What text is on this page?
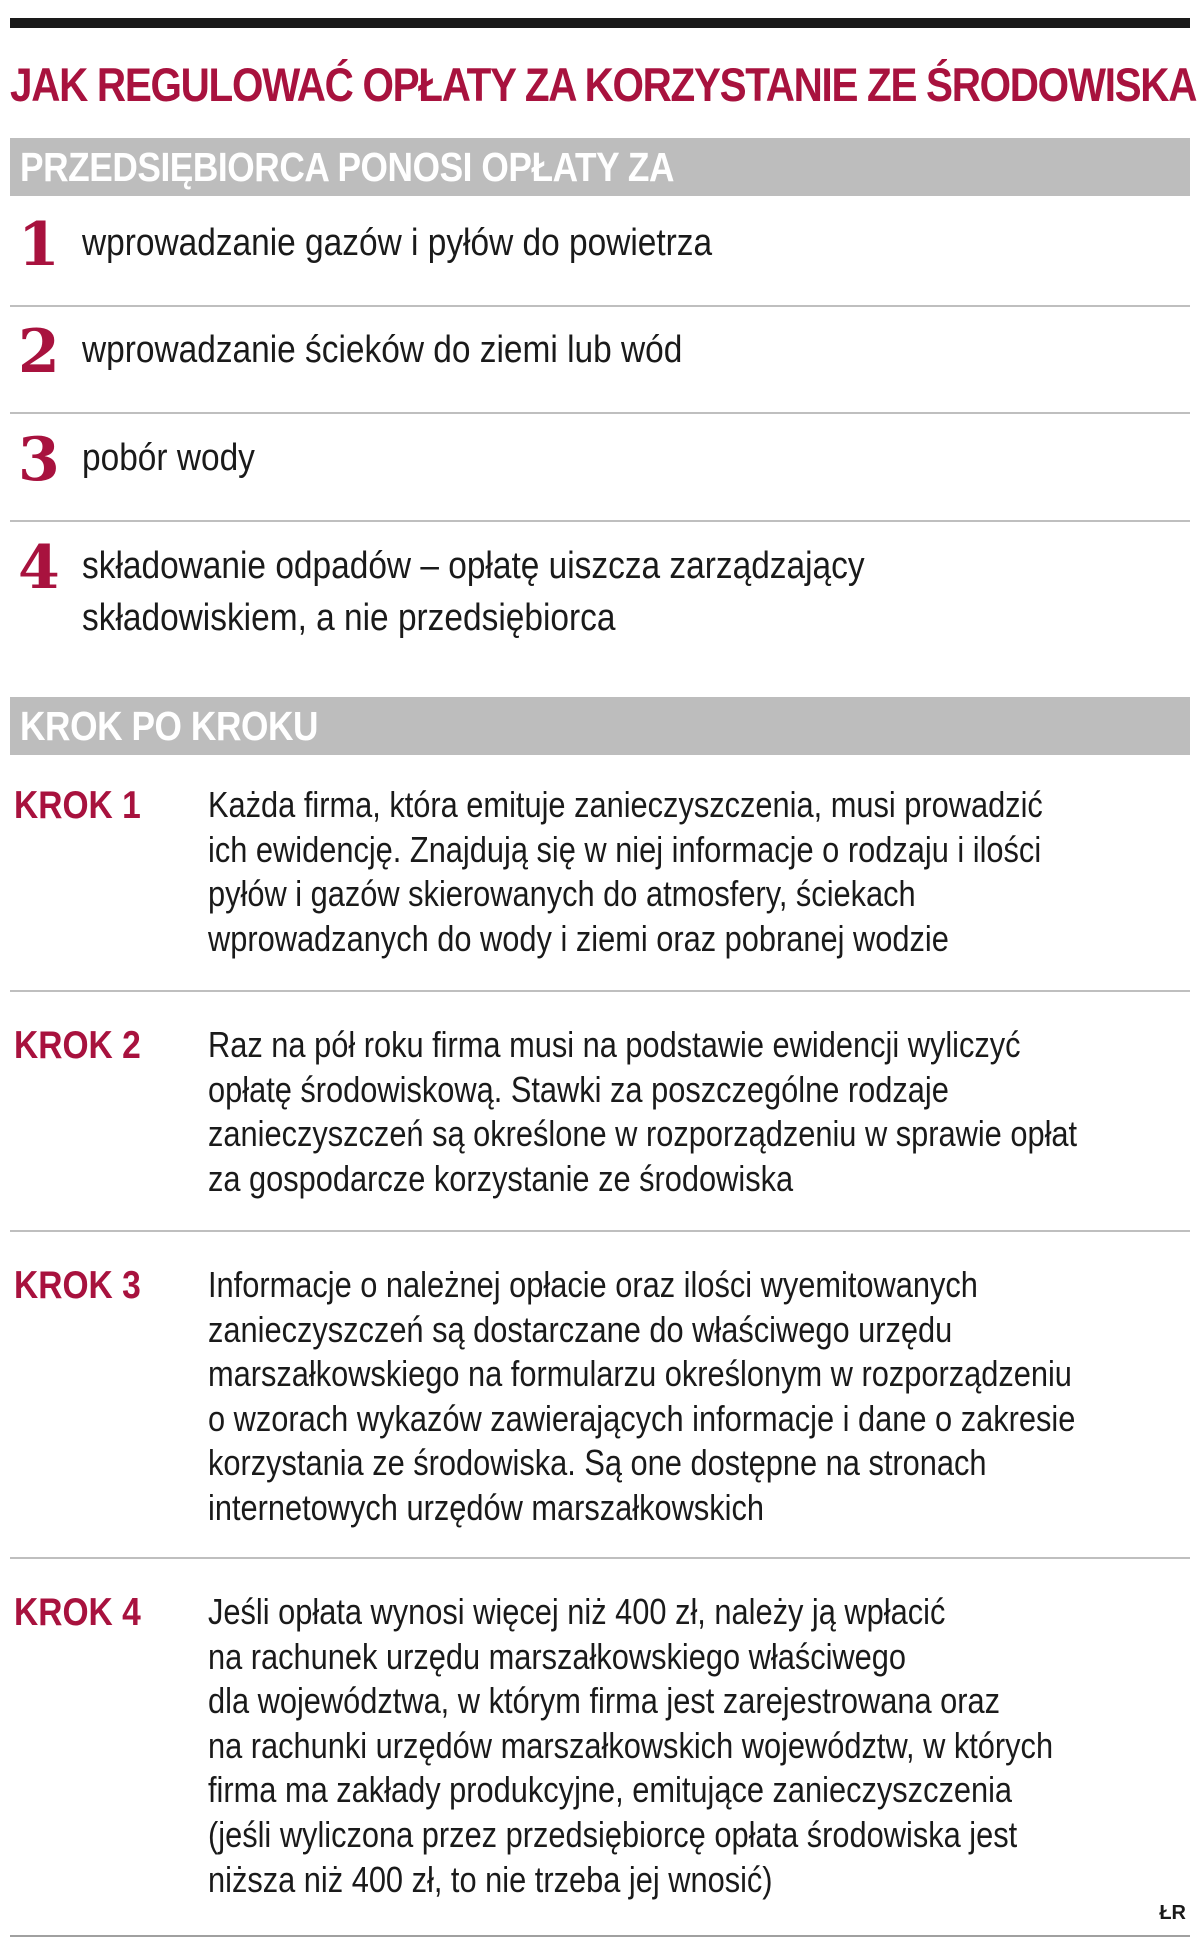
JAK REGULOWAĆ OPŁATY ZA KORZYSTANIE ZE ŚRODOWISKA
PRZEDSIĘBIORCA PONOSI OPŁATY ZA
1 wprowadzanie gazów i pyłów do powietrza
2 wprowadzanie ścieków do ziemi lub wód
3 pobór wody
4 składowanie odpadów – opłatę uiszcza zarządzający
składowiskiem, a nie przedsiębiorca
KROK PO KROKU
KROK 1 Każda firma, która emituje zanieczyszczenia, musi prowadzić
ich ewidencję. Znajdują się w niej informacje o rodzaju i ilości
pyłów i gazów skierowanych do atmosfery, ściekach
wprowadzanych do wody i ziemi oraz pobranej wodzie
KROK 2 Raz na pół roku firma musi na podstawie ewidencji wyliczyć
opłatę środowiskową. Stawki za poszczególne rodzaje
zanieczyszczeń są określone w rozporządzeniu w sprawie opłat
za gospodarcze korzystanie ze środowiska
KROK 3 Informacje o należnej opłacie oraz ilości wyemitowanych
zanieczyszczeń są dostarczane do właściwego urzędu
marszałkowskiego na formularzu określonym w rozporządzeniu
o wzorach wykazów zawierających informacje i dane o zakresie
korzystania ze środowiska. Są one dostępne na stronach
internetowych urzędów marszałkowskich
KROK 4 Jeśli opłata wynosi więcej niż 400 zł, należy ją wpłacić
na rachunek urzędu marszałkowskiego właściwego
dla województwa, w którym firma jest zarejestrowana oraz
na rachunki urzędów marszałkowskich województw, w których
firma ma zakłady produkcyjne, emitujące zanieczyszczenia
(jeśli wyliczona przez przedsiębiorcę opłata środowiska jest
niższa niż 400 zł, to nie trzeba jej wnosić)
ŁR
